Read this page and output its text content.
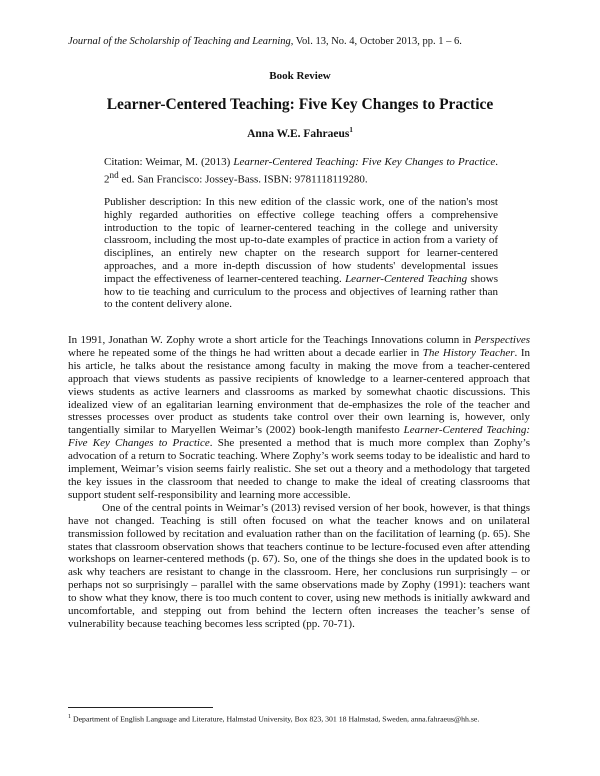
Journal of the Scholarship of Teaching and Learning, Vol. 13, No. 4, October 2013, pp. 1 – 6.
Book Review
Learner-Centered Teaching: Five Key Changes to Practice
Anna W.E. Fahraeus$^1$
Citation: Weimar, M. (2013) Learner-Centered Teaching: Five Key Changes to Practice. 2nd ed. San Francisco: Jossey-Bass. ISBN: 9781118119280.
Publisher description: In this new edition of the classic work, one of the nation's most highly regarded authorities on effective college teaching offers a comprehensive introduction to the topic of learner-centered teaching in the college and university classroom, including the most up-to-date examples of practice in action from a variety of disciplines, an entirely new chapter on the research support for learner-centered approaches, and a more in-depth discussion of how students' developmental issues impact the effectiveness of learner-centered teaching. Learner-Centered Teaching shows how to tie teaching and curriculum to the process and objectives of learning rather than to the content delivery alone.

In 1991, Jonathan W. Zophy wrote a short article for the Teachings Innovations column in Perspectives where he repeated some of the things he had written about a decade earlier in The History Teacher. In his article, he talks about the resistance among faculty in making the move from a teacher-centered approach that views students as passive recipients of knowledge to a learner-centered approach that views students as active learners and classrooms as marked by somewhat chaotic discussions. This idealized view of an egalitarian learning environment that de-emphasizes the role of the teacher and stresses processes over product as students take control over their own learning is, however, only tangentially similar to Maryellen Weimar’s (2002) book-length manifesto Learner-Centered Teaching: Five Key Changes to Practice. She presented a method that is much more complex than Zophy’s advocation of a return to Socratic teaching. Where Zophy’s work seems today to be idealistic and hard to implement, Weimar’s vision seems fairly realistic. She set out a theory and a methodology that targeted the key issues in the classroom that needed to change to make the ideal of creating classrooms that support student self-responsibility and learning more accessible.

One of the central points in Weimar’s (2013) revised version of her book, however, is that things have not changed. Teaching is still often focused on what the teacher knows and on unilateral transmission followed by recitation and evaluation rather than on the facilitation of learning (p. 65). She states that classroom observation shows that teachers continue to be lecture-focused even after attending workshops on learner-centered methods (p. 67). So, one of the things she does in the updated book is to ask why teachers are resistant to change in the classroom. Here, her conclusions run surprisingly – or perhaps not so surprisingly – parallel with the same observations made by Zophy (1991): teachers want to show what they know, there is too much content to cover, using new methods is initially awkward and uncomfortable, and stepping out from behind the lectern often increases the teacher’s sense of vulnerability because teaching becomes less scripted (pp. 70-71).

$^1$ Department of English Language and Literature, Halmstad University, Box 823, 301 18 Halmstad, Sweden, anna.fahraeus@hh.se.
